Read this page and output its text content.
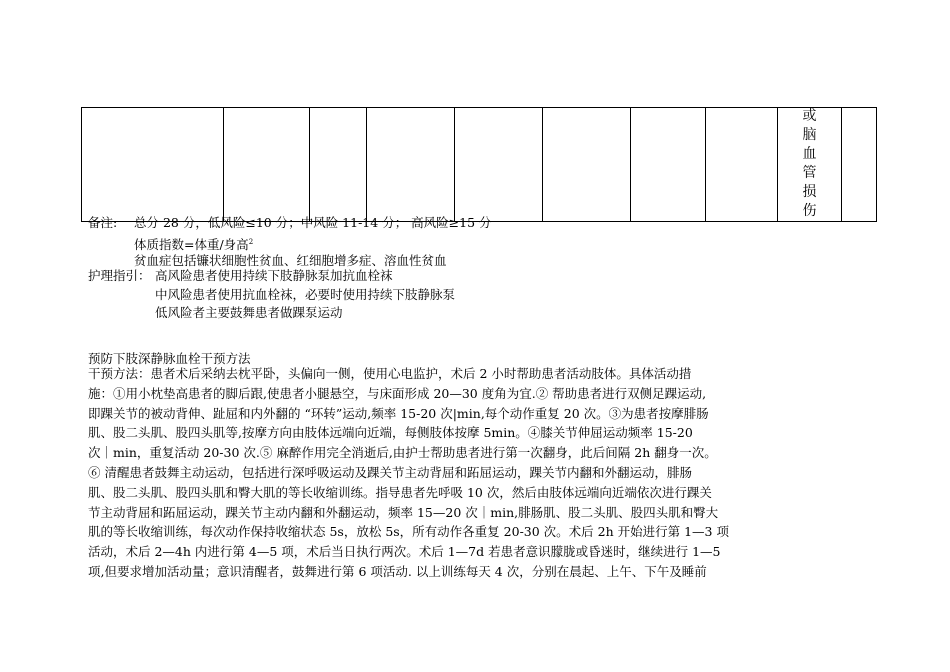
或
脑
血
管
损
伤

备注: 总分 28 分，低风险≤10 分；中风险 11-14 分； 高风险≥15 分
体质指数=体重/身高$^2$
贫血症包括镰状细胞性贫血、红细胞增多症、溶血性贫血
护理指引： 高风险患者使用持续下肢静脉泵加抗血栓袜
中风险患者使用抗血栓袜，必要时使用持续下肢静脉泵
低风险者主要鼓舞患者做踝泵运动
预防下肢深静脉血栓干预方法

干预方法：患者术后采纳去枕平卧，头偏向一侧，使用心电监护，术后 2 小时帮助患者活动肢体。具体活动措

施：①用小枕垫高患者的脚后跟,使患者小腿悬空，与床面形成 20—30 度角为宜.② 帮助患者进行双侧足踝运动,

即踝关节的被动背伸、趾屈和内外翻的 “环转”运动,频率 15-20 次|min,每个动作重复 20 次。③为患者按摩腓肠

肌、股二头肌、股四头肌等,按摩方向由肢体远端向近端，每侧肢体按摩 5min。④膝关节伸屈运动频率 15-20

次｜min，重复活动 20-30 次.⑤ 麻醉作用完全消逝后,由护士帮助患者进行第一次翻身，此后间隔 2h 翻身一次。

⑥ 清醒患者鼓舞主动运动，包括进行深呼吸运动及踝关节主动背屈和跖屈运动，踝关节内翻和外翻运动，腓肠

肌、股二头肌、股四头肌和臀大肌的等长收缩训练。指导患者先呼吸 10 次，然后由肢体远端向近端依次进行踝关

节主动背屈和跖屈运动，踝关节主动内翻和外翻运动，频率 15—20 次｜min,腓肠肌、股二头肌、股四头肌和臀大

肌的等长收缩训练，每次动作保持收缩状态 5s，放松 5s，所有动作各重复 20-30 次。术后 2h 开始进行第 1—3 项

活动，术后 2—4h 内进行第 4—5 项，术后当日执行两次。术后 1—7d 若患者意识朦胧或昏迷时，继续进行 1—5

项,但要求增加活动量；意识清醒者，鼓舞进行第 6 项活动. 以上训练每天 4 次，分别在晨起、上午、下午及睡前
